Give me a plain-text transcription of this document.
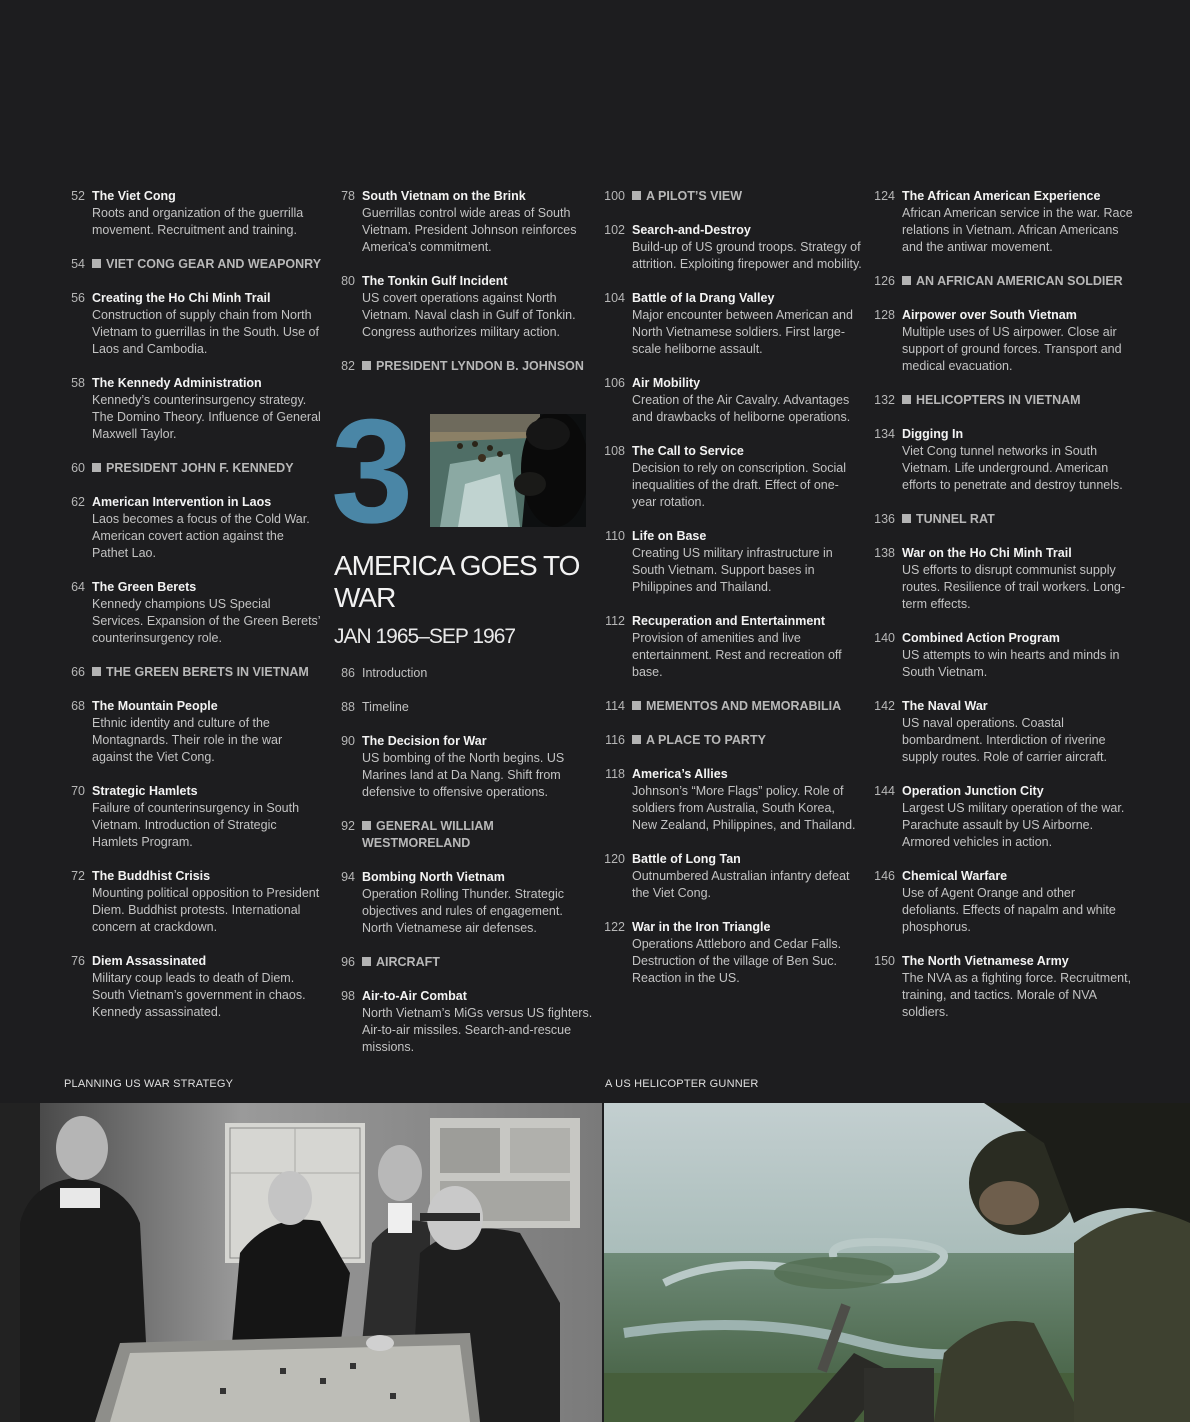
52 The Viet Cong
Roots and organization of the guerrilla movement. Recruitment and training.
54	VIET CONG GEAR AND WEAPONRY
56 Creating the Ho Chi Minh Trail
Construction of supply chain from North Vietnam to guerrillas in the South. Use of Laos and Cambodia.
58 The Kennedy Administration
Kennedy’s counterinsurgency strategy. The Domino Theory. Influence of General Maxwell Taylor.
60	PRESIDENT JOHN F. KENNEDY
62 American Intervention in Laos
Laos becomes a focus of the Cold War. American covert action against the Pathet Lao.
64 The Green Berets
Kennedy champions US Special Services. Expansion of the Green Berets’ counterinsurgency role.
66	THE GREEN BERETS IN VIETNAM
68 The Mountain People
Ethnic identity and culture of the Montagnards. Their role in the war against the Viet Cong.
70 Strategic Hamlets
Failure of counterinsurgency in South Vietnam. Introduction of Strategic Hamlets Program.
72 The Buddhist Crisis
Mounting political opposition to President Diem. Buddhist protests. International concern at crackdown.
76 Diem Assassinated
Military coup leads to death of Diem. South Vietnam’s government in chaos. Kennedy assassinated.
78 South Vietnam on the Brink
Guerrillas control wide areas of South Vietnam. President Johnson reinforces America’s commitment.
80 The Tonkin Gulf Incident
US covert operations against North Vietnam. Naval clash in Gulf of Tonkin. Congress authorizes military action.
82	PRESIDENT LYNDON B. JOHNSON
100	A PILOT’S VIEW
102 Search-and-Destroy
Build-up of US ground troops. Strategy of attrition. Exploiting firepower and mobility.
104 Battle of Ia Drang Valley
Major encounter between American and North Vietnamese soldiers. First large-scale heliborne assault.
106 Air Mobility
Creation of the Air Cavalry. Advantages and drawbacks of heliborne operations.
108 The Call to Service
Decision to rely on conscription. Social inequalities of the draft. Effect of one-year rotation.
110 Life on Base
Creating US military infrastructure in South Vietnam. Support bases in Philippines and Thailand.
112 Recuperation and Entertainment
Provision of amenities and live entertainment. Rest and recreation off base.
114	MEMENTOS AND MEMORABILIA
116	A PLACE TO PARTY
118 America’s Allies
Johnson’s “More Flags” policy. Role of soldiers from Australia, South Korea, New Zealand, Philippines, and Thailand.
120 Battle of Long Tan
Outnumbered Australian infantry defeat the Viet Cong.
122 War in the Iron Triangle
Operations Attleboro and Cedar Falls. Destruction of the village of Ben Suc. Reaction in the US.
124 The African American Experience
African American service in the war. Race relations in Vietnam. African Americans and the antiwar movement.
126	AN AFRICAN AMERICAN SOLDIER
128 Airpower over South Vietnam
Multiple uses of US airpower. Close air support of ground forces. Transport and medical evacuation.
132	HELICOPTERS IN VIETNAM
134 Digging In
Viet Cong tunnel networks in South Vietnam. Life underground. American efforts to penetrate and destroy tunnels.
136	TUNNEL RAT
138 War on the Ho Chi Minh Trail
US efforts to disrupt communist supply routes. Resilience of trail workers. Long-term effects.
140 Combined Action Program
US attempts to win hearts and minds in South Vietnam.
142 The Naval War
US naval operations. Coastal bombardment. Interdiction of riverine supply routes. Role of carrier aircraft.
144 Operation Junction City
Largest US military operation of the war. Parachute assault by US Airborne. Armored vehicles in action.
146 Chemical Warfare
Use of Agent Orange and other defoliants. Effects of napalm and white phosphorus.
150 The North Vietnamese Army
The NVA as a fighting force. Recruitment, training, and tactics. Morale of NVA soldiers.
3
AMERICA GOES TO WAR
JAN 1965–SEP 1967
86 Introduction
88 Timeline
90 The Decision for War
US bombing of the North begins. US Marines land at Da Nang. Shift from defensive to offensive operations.
92	GENERAL WILLIAM WESTMORELAND
94 Bombing North Vietnam
Operation Rolling Thunder. Strategic objectives and rules of engagement. North Vietnamese air defenses.
96	AIRCRAFT
98 Air-to-Air Combat
North Vietnam’s MiGs versus US fighters. Air-to-air missiles. Search-and-rescue missions.
PLANNING US WAR STRATEGY	A US HELICOPTER GUNNER
